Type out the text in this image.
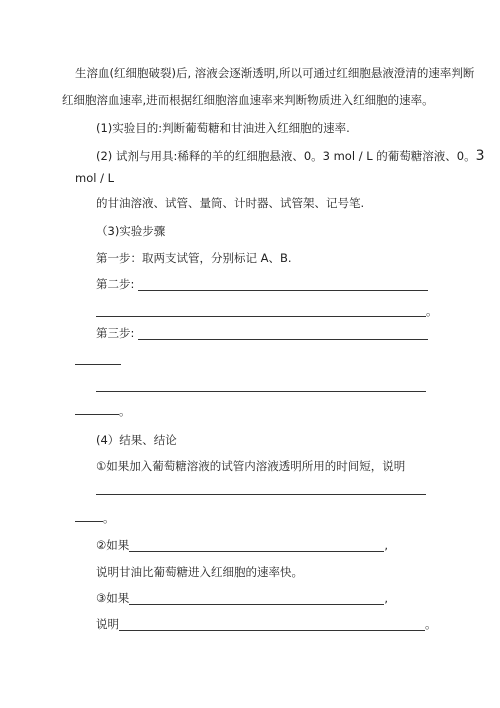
生溶血(红细胞破裂)后, 溶液会逐渐透明,所以可通过红细胞悬液澄清的速率判断
红细胞溶血速率,进而根据红细胞溶血速率来判断物质进入红细胞的速率。
(1)实验目的:判断葡萄糖和甘油进入红细胞的速率.
(2) 试剂与用具:稀释的羊的红细胞悬液、0。3 mol / L 的葡萄糖溶液、0。3
mol / L
的甘油溶液、试管、量筒、计时器、试管架、记号笔.
（3)实验步骤
第一步：取两支试管，分别标记 A、B.
第二步:
。
第三步:
。
(4）结果、结论
①如果加入葡萄糖溶液的试管内溶液透明所用的时间短，说明
。
②如果	,
说明甘油比葡萄糖进入红细胞的速率快。
③如果	,
说明	。
